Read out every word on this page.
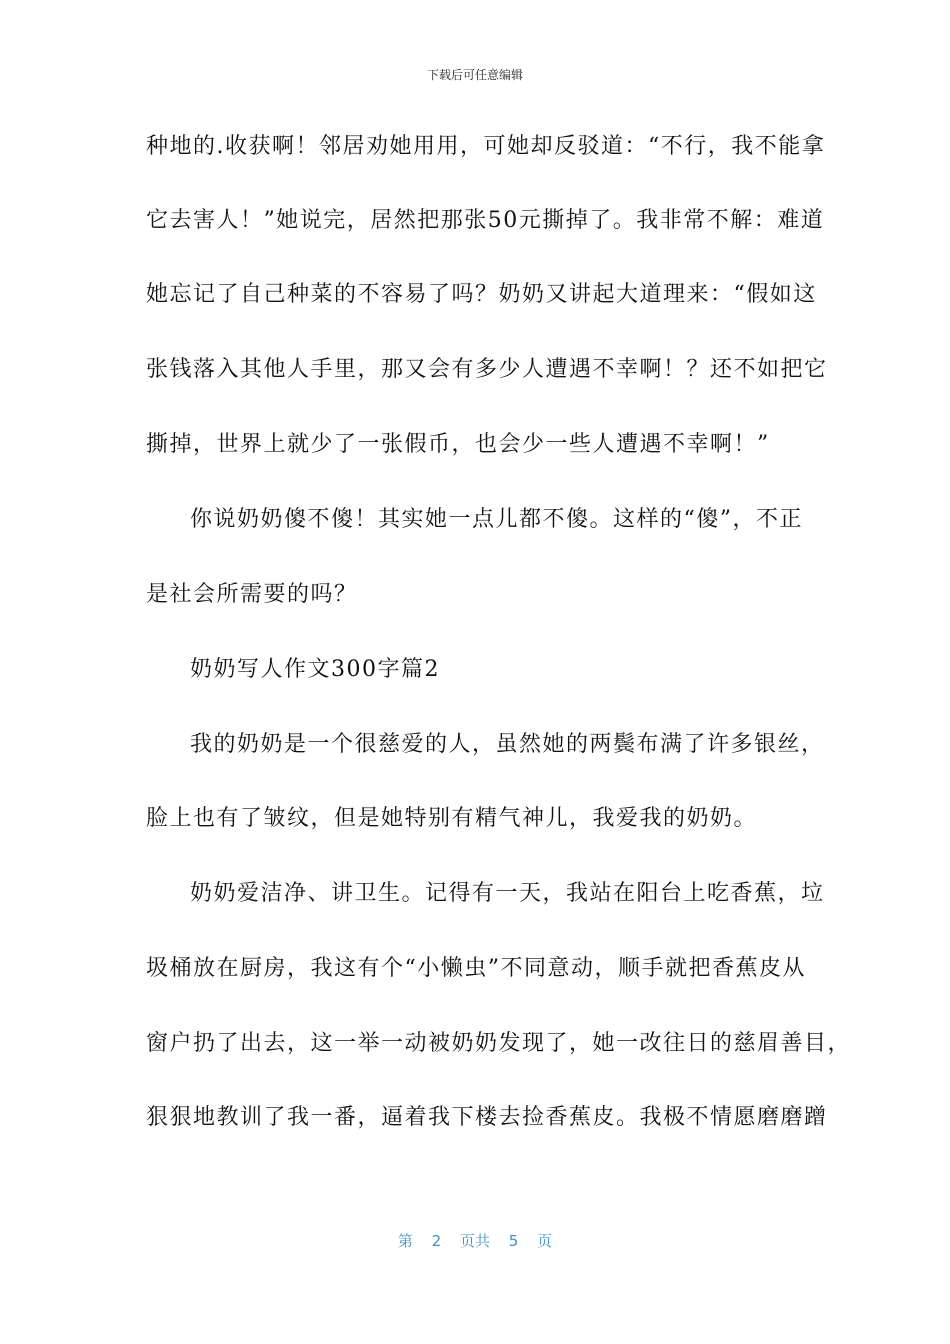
下载后可任意编辑
种地的.收获啊！邻居劝她用用，可她却反驳道：“不行，我不能拿
它去害人！”她说完，居然把那张50元撕掉了。我非常不解：难道
她忘记了自己种菜的不容易了吗？奶奶又讲起大道理来：“假如这
张钱落入其他人手里，那又会有多少人遭遇不幸啊！？还不如把它
撕掉，世界上就少了一张假币，也会少一些人遭遇不幸啊！”
你说奶奶傻不傻！其实她一点儿都不傻。这样的“傻”，不正
是社会所需要的吗？
奶奶写人作文300字篇2
我的奶奶是一个很慈爱的人，虽然她的两鬓布满了许多银丝，
脸上也有了皱纹，但是她特别有精气神儿，我爱我的奶奶。
奶奶爱洁净、讲卫生。记得有一天，我站在阳台上吃香蕉，垃
圾桶放在厨房，我这有个“小懒虫”不同意动，顺手就把香蕉皮从
窗户扔了出去，这一举一动被奶奶发现了，她一改往日的慈眉善目，
狠狠地教训了我一番，逼着我下楼去捡香蕉皮。我极不情愿磨磨蹭
第 2 页共 5 页
